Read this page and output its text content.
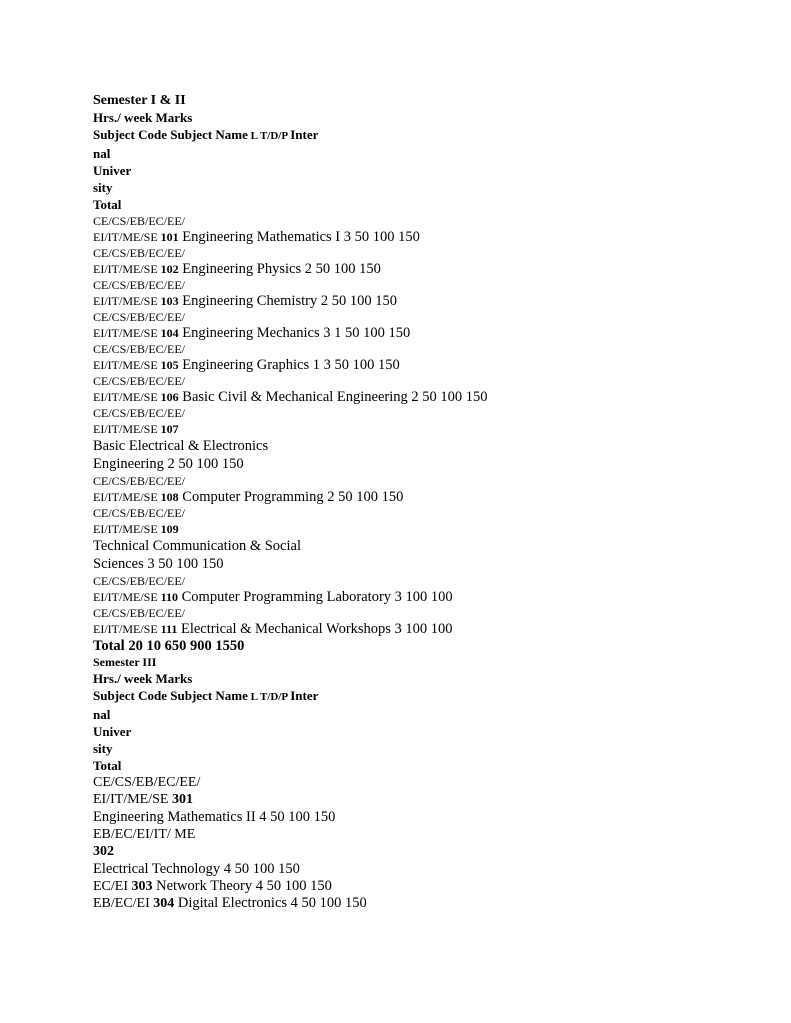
Semester I & II
Hrs./ week Marks
Subject Code Subject Name L T/D/P Inter
nal
Univer
sity
Total
CE/CS/EB/EC/EE/
EI/IT/ME/SE 101 Engineering Mathematics I 3 50 100 150
CE/CS/EB/EC/EE/
EI/IT/ME/SE 102 Engineering Physics 2 50 100 150
CE/CS/EB/EC/EE/
EI/IT/ME/SE 103 Engineering Chemistry 2 50 100 150
CE/CS/EB/EC/EE/
EI/IT/ME/SE 104 Engineering Mechanics 3 1 50 100 150
CE/CS/EB/EC/EE/
EI/IT/ME/SE 105 Engineering Graphics 1 3 50 100 150
CE/CS/EB/EC/EE/
EI/IT/ME/SE 106 Basic Civil & Mechanical Engineering 2 50 100 150
CE/CS/EB/EC/EE/
EI/IT/ME/SE 107
Basic Electrical & Electronics
Engineering 2 50 100 150
CE/CS/EB/EC/EE/
EI/IT/ME/SE 108 Computer Programming 2 50 100 150
CE/CS/EB/EC/EE/
EI/IT/ME/SE 109
Technical Communication & Social
Sciences 3 50 100 150
CE/CS/EB/EC/EE/
EI/IT/ME/SE 110 Computer Programming Laboratory 3 100 100
CE/CS/EB/EC/EE/
EI/IT/ME/SE 111 Electrical & Mechanical Workshops 3 100 100
Total 20 10 650 900 1550
Semester III
Hrs./ week Marks
Subject Code Subject Name L T/D/P Inter
nal
Univer
sity
Total
CE/CS/EB/EC/EE/
EI/IT/ME/SE 301
Engineering Mathematics II 4 50 100 150
EB/EC/EI/IT/ ME
302
Electrical Technology 4 50 100 150
EC/EI 303 Network Theory 4 50 100 150
EB/EC/EI 304 Digital Electronics 4 50 100 150
